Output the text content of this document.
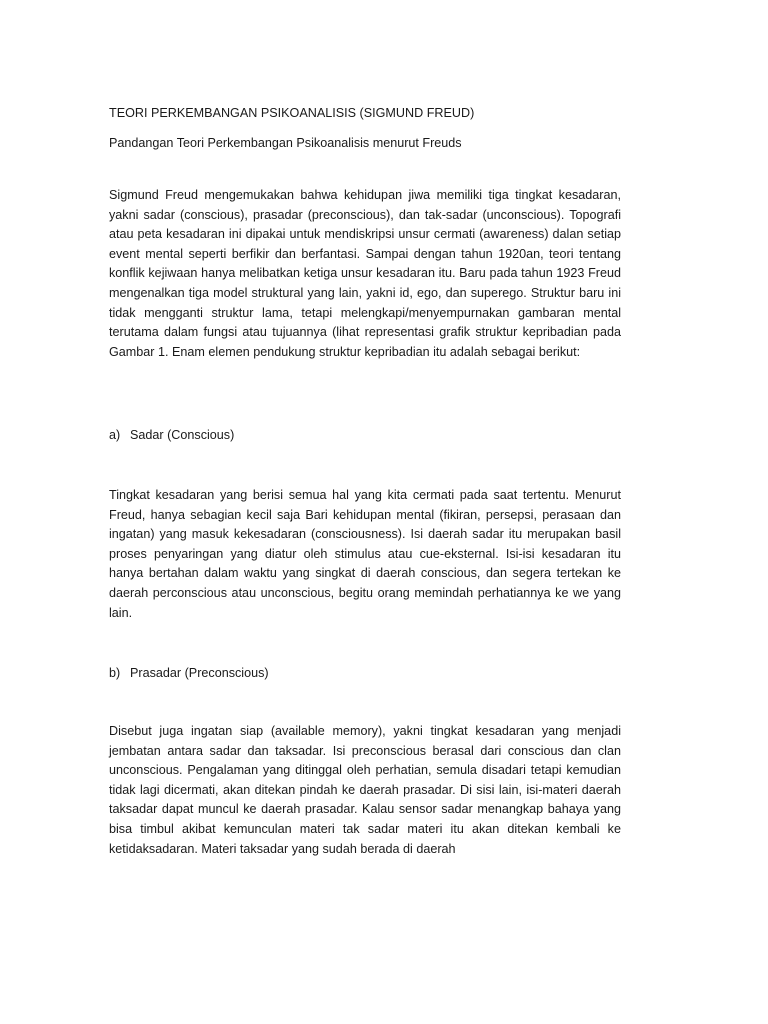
TEORI PERKEMBANGAN PSIKOANALISIS (SIGMUND FREUD)
Pandangan Teori Perkembangan Psikoanalisis menurut Freuds

Sigmund Freud mengemukakan bahwa kehidupan jiwa memiliki tiga tingkat kesadaran, yakni sadar (conscious), prasadar (preconscious), dan tak-sadar (unconscious). Topografi atau peta kesadaran ini dipakai untuk mendiskripsi unsur cermati (awareness) dalan setiap event mental seperti berfikir dan berfantasi. Sampai dengan tahun 1920an, teori tentang konflik kejiwaan hanya melibatkan ketiga unsur kesadaran itu. Baru pada tahun 1923 Freud mengenalkan tiga model struktural yang lain, yakni id, ego, dan superego. Struktur baru ini tidak mengganti struktur lama, tetapi melengkapi/menyempurnakan gambaran mental terutama dalam fungsi atau tujuannya (lihat representasi grafik struktur kepribadian pada Gambar 1. Enam elemen pendukung struktur kepribadian itu adalah sebagai berikut:

a) Sadar (Conscious)

Tingkat kesadaran yang berisi semua hal yang kita cermati pada saat tertentu. Menurut Freud, hanya sebagian kecil saja Bari kehidupan mental (fikiran, persepsi, perasaan dan ingatan) yang masuk kekesadaran (consciousness). Isi daerah sadar itu merupakan basil proses penyaringan yang diatur oleh stimulus atau cue-eksternal. Isi-isi kesadaran itu hanya bertahan dalam waktu yang singkat di daerah conscious, dan segera tertekan ke daerah perconscious atau unconscious, begitu orang memindah perhatiannya ke we yang lain.

b) Prasadar (Preconscious)

Disebut juga ingatan siap (available memory), yakni tingkat kesadaran yang menjadi jembatan antara sadar dan taksadar. Isi preconscious berasal dari conscious dan clan unconscious. Pengalaman yang ditinggal oleh perhatian, semula disadari tetapi kemudian tidak lagi dicermati, akan ditekan pindah ke daerah prasadar. Di sisi lain, isi-materi daerah taksadar dapat muncul ke daerah prasadar. Kalau sensor sadar menangkap bahaya yang bisa timbul akibat kemunculan materi tak sadar materi itu akan ditekan kembali ke ketidaksadaran. Materi taksadar yang sudah berada di daerah
